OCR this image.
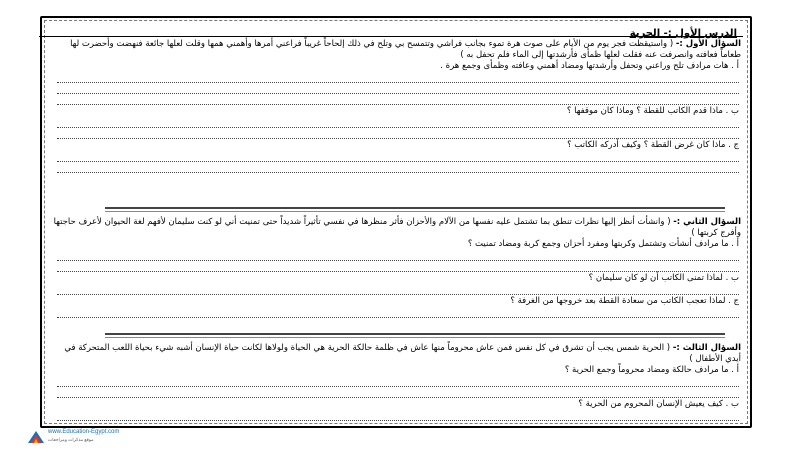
الدرس الأول :- الحرية

السؤال الأول :- ( واستيقظت فجر يوم من الأيام على صوت هرة تموء بجانب فراشي وتتمسح بي وتلح في ذلك إلحاحاً غريباً فراعني أمرها وأهمني همها وقلت لعلها جائعة فنهضت وأحضرت لها طعاماً فعافته وانصرفت عنه فقلت لعلها ظمأى فأرشدتها إلى الماء فلم تحفل به )

أ . هات مرادف تلح وراعني وتحفل وأرشدتها ومضاد أهمني وعافته وظمأى وجمع هرة .

ب . ماذا قدم الكاتب للقطة ؟ وماذا كان موقفها ؟

ج . ماذا كان غرض القطة ؟ وكيف أدركه الكاتب ؟

السؤال الثاني :- ( وانشأت أنظر إليها نظرات تنطق بما تشتمل عليه نفسها من الآلام والأحزان فأثر منظرها في نفسي تأثيراً شديداً حتى تمنيت أني لو كنت سليمان لأفهم لغة الحيوان لأعرف حاجتها وأفرج كربتها )

أ . ما مرادف أنشأت وتشتمل وكربتها ومفرد أحزان وجمع كربة ومضاد تمنيت ؟

ب . لماذا تمنى الكاتب أن لو كان سليمان ؟

ج . لماذا تعجب الكاتب من سعادة القطة بعد خروجها من الغرفة ؟

السؤال الثالث :- ( الحرية شمس يجب أن تشرق في كل نفس فمن عاش محروماً منها عاش في ظلمة حالكة الحرية هي الحياة ولولاها لكانت حياة الإنسان أشبه شيء بحياة اللعب المتحركة في أيدي الأطفال )

أ . ما مرادف حالكة ومضاد محروماً وجمع الحرية ؟

ب . كيف يعيش الإنسان المحروم من الحرية ؟

www.Education-Egypt.com
موقع مذكرات ومراجعات
